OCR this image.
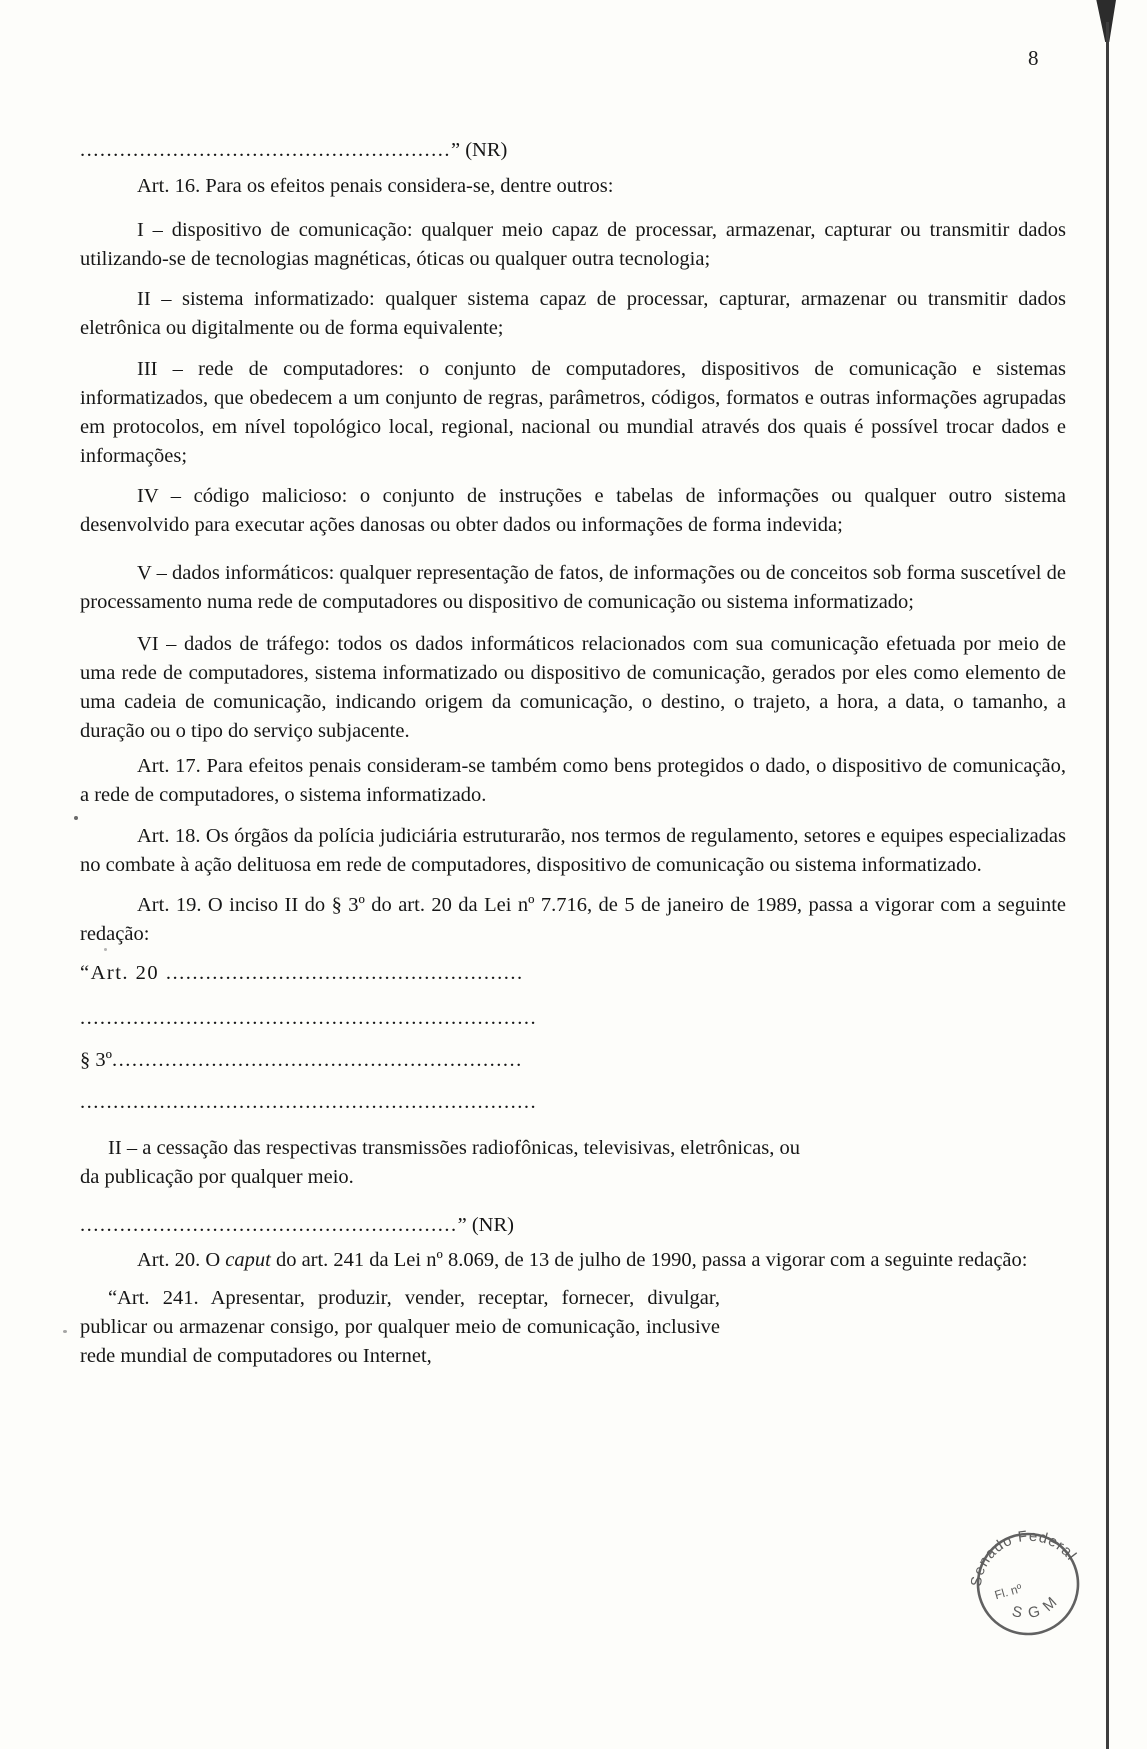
8

........................................................” (NR)

Art. 16. Para os efeitos penais considera-se, dentre outros:

I – dispositivo de comunicação: qualquer meio capaz de processar, armazenar, capturar ou transmitir dados utilizando-se de tecnologias magnéticas, óticas ou qualquer outra tecnologia;

II – sistema informatizado: qualquer sistema capaz de processar, capturar, armazenar ou transmitir dados eletrônica ou digitalmente ou de forma equivalente;

III – rede de computadores: o conjunto de computadores, dispositivos de comunicação e sistemas informatizados, que obedecem a um conjunto de regras, parâmetros, códigos, formatos e outras informações agrupadas em protocolos, em nível topológico local, regional, nacional ou mundial através dos quais é possível trocar dados e informações;

IV – código malicioso: o conjunto de instruções e tabelas de informações ou qualquer outro sistema desenvolvido para executar ações danosas ou obter dados ou informações de forma indevida;

V – dados informáticos: qualquer representação de fatos, de informações ou de conceitos sob forma suscetível de processamento numa rede de computadores ou dispositivo de comunicação ou sistema informatizado;

VI – dados de tráfego: todos os dados informáticos relacionados com sua comunicação efetuada por meio de uma rede de computadores, sistema informatizado ou dispositivo de comunicação, gerados por eles como elemento de uma cadeia de comunicação, indicando origem da comunicação, o destino, o trajeto, a hora, a data, o tamanho, a duração ou o tipo do serviço subjacente.

Art. 17. Para efeitos penais consideram-se também como bens protegidos o dado, o dispositivo de comunicação, a rede de computadores, o sistema informatizado.

Art. 18. Os órgãos da polícia judiciária estruturarão, nos termos de regulamento, setores e equipes especializadas no combate à ação delituosa em rede de computadores, dispositivo de comunicação ou sistema informatizado.

Art. 19. O inciso II do § 3º do art. 20 da Lei nº 7.716, de 5 de janeiro de 1989, passa a vigorar com a seguinte redação:

“Art. 20 ......................................................

.....................................................................

§ 3º..............................................................

.....................................................................

II – a cessação das respectivas transmissões radiofônicas, televisivas, eletrônicas, ou da publicação por qualquer meio.

.........................................................” (NR)

Art. 20. O caput do art. 241 da Lei nº 8.069, de 13 de julho de 1990, passa a vigorar com a seguinte redação:

“Art. 241. Apresentar, produzir, vender, receptar, fornecer, divulgar, publicar ou armazenar consigo, por qualquer meio de comunicação, inclusive rede mundial de computadores ou Internet,

Senado Federal
Fl. nº
S G M
